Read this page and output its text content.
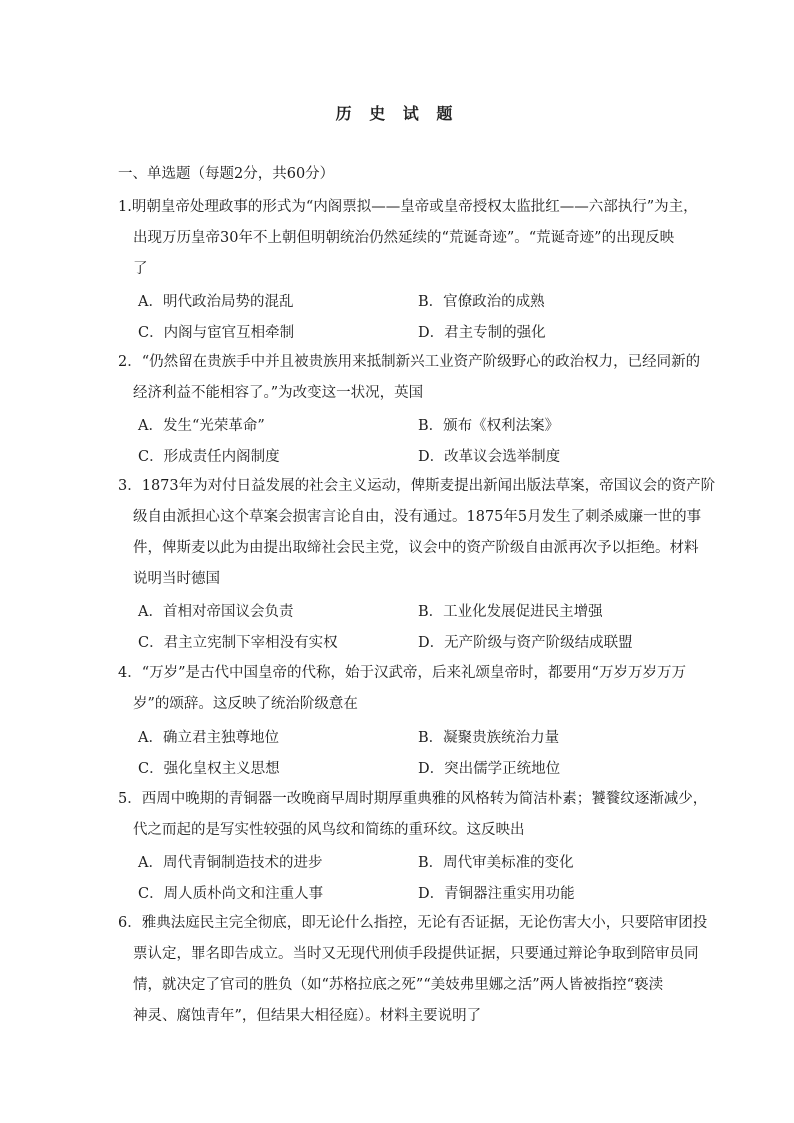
历 史 试 题
一、单选题（每题2分，共60分）
1.明朝皇帝处理政事的形式为“内阁票拟——皇帝或皇帝授权太监批红——六部执行”为主，
出现万历皇帝30年不上朝但明朝统治仍然延续的“荒诞奇迹”。“荒诞奇迹”的出现反映
了
A．明代政治局势的混乱	B．官僚政治的成熟
C．内阁与宦官互相牵制	D．君主专制的强化
2．“仍然留在贵族手中并且被贵族用来抵制新兴工业资产阶级野心的政治权力，已经同新的
经济利益不能相容了。”为改变这一状况，英国
A．发生“光荣革命”	B．颁布《权利法案》
C．形成责任内阁制度	D．改革议会选举制度
3．1873年为对付日益发展的社会主义运动，俾斯麦提出新闻出版法草案，帝国议会的资产阶
级自由派担心这个草案会损害言论自由，没有通过。1875年5月发生了刺杀威廉一世的事
件，俾斯麦以此为由提出取缔社会民主党，议会中的资产阶级自由派再次予以拒绝。材料
说明当时德国
A．首相对帝国议会负责	B．工业化发展促进民主增强
C．君主立宪制下宰相没有实权	D．无产阶级与资产阶级结成联盟
4．“万岁”是古代中国皇帝的代称，始于汉武帝，后来礼颂皇帝时，都要用“万岁万岁万万
岁”的颂辞。这反映了统治阶级意在
A．确立君主独尊地位	B．凝聚贵族统治力量
C．强化皇权主义思想	D．突出儒学正统地位
5．西周中晚期的青铜器一改晚商早周时期厚重典雅的风格转为简洁朴素；饕餮纹逐渐减少，
代之而起的是写实性较强的风鸟纹和简练的重环纹。这反映出
A．周代青铜制造技术的进步	B．周代审美标准的变化
C．周人质朴尚文和注重人事	D．青铜器注重实用功能
6．雅典法庭民主完全彻底，即无论什么指控，无论有否证据，无论伤害大小，只要陪审团投
票认定，罪名即告成立。当时又无现代刑侦手段提供证据，只要通过辩论争取到陪审员同
情，就决定了官司的胜负（如“苏格拉底之死”“美妓弗里娜之活”两人皆被指控“亵渎
神灵、腐蚀青年”，但结果大相径庭）。材料主要说明了
